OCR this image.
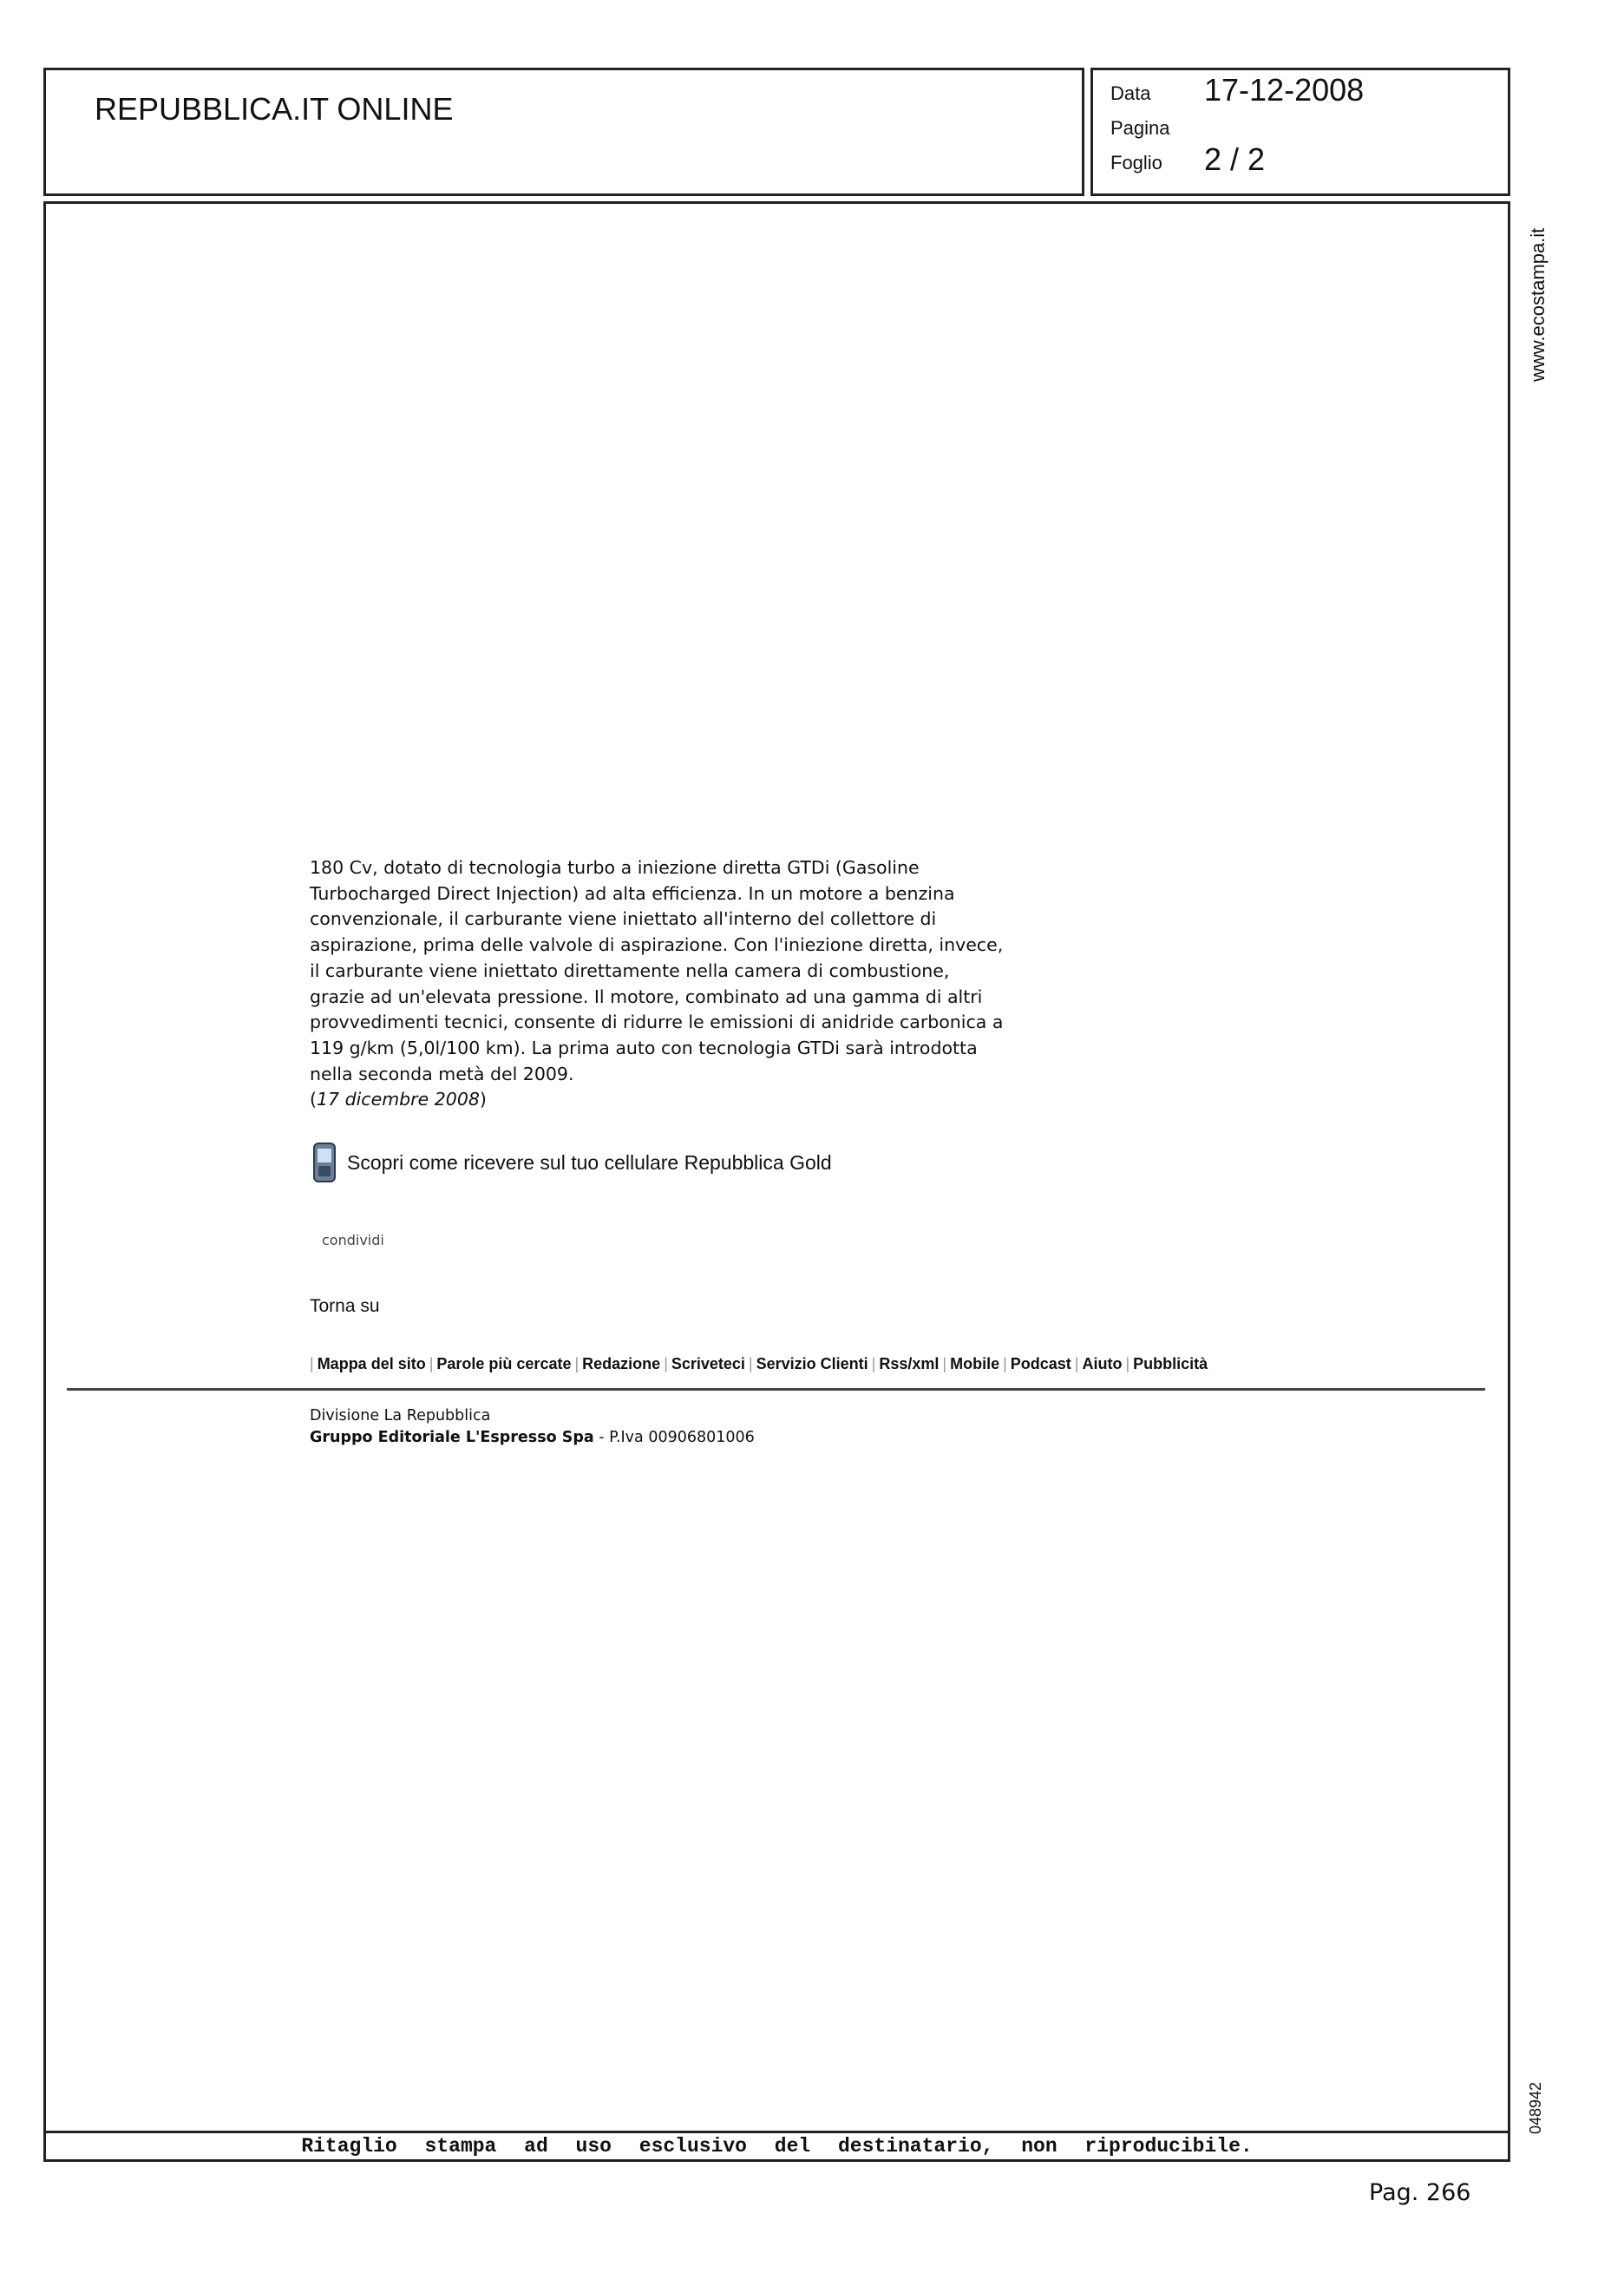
REPUBBLICA.IT ONLINE	Data 17-12-2008
Pagina
Foglio 2 / 2
www.ecostampa.it
048942
Ritaglio stampa ad uso esclusivo del destinatario, non riproducibile.

180 Cv, dotato di tecnologia turbo a iniezione diretta GTDi (Gasoline Turbocharged Direct Injection) ad alta efficienza. In un motore a benzina convenzionale, il carburante viene iniettato all'interno del collettore di aspirazione, prima delle valvole di aspirazione. Con l'iniezione diretta, invece, il carburante viene iniettato direttamente nella camera di combustione, grazie ad un'elevata pressione. Il motore, combinato ad una gamma di altri provvedimenti tecnici, consente di ridurre le emissioni di anidride carbonica a 119 g/km (5,0l/100 km). La prima auto con tecnologia GTDi sarà introdotta nella seconda metà del 2009.

(17 dicembre 2008)

Scopri come ricevere sul tuo cellulare Repubblica Gold
condividi
Torna su
| Mappa del sito | Parole più cercate | Redazione | Scriveteci | Servizio Clienti | Rss/xml | Mobile | Podcast | Aiuto | Pubblicità
Divisione La Repubblica
Gruppo Editoriale L'Espresso Spa - P.Iva 00906801006
Pag. 266
